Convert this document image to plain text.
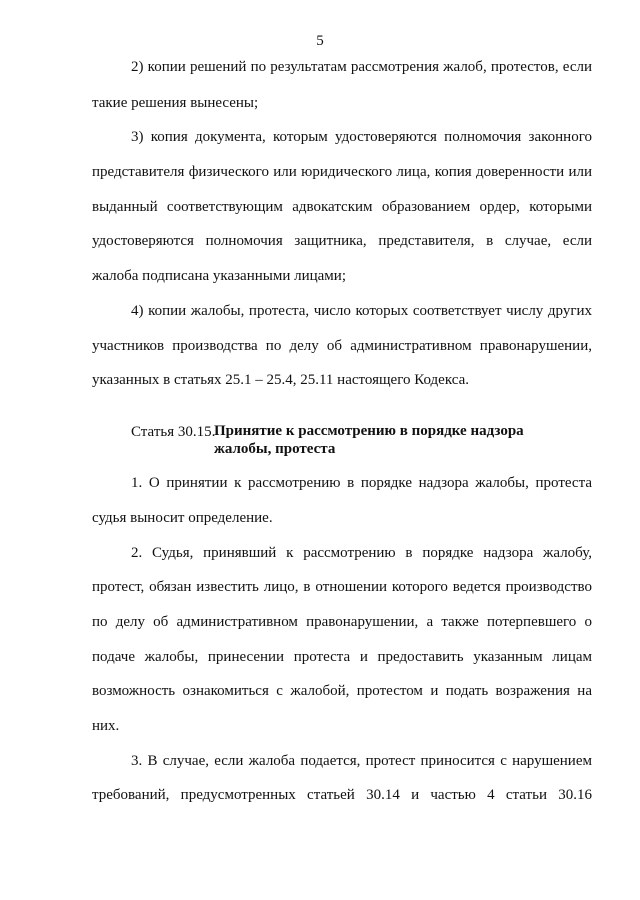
5
2) копии решений по результатам рассмотрения жалоб, протестов, если
такие решения вынесены;
3) копия документа, которым удостоверяются полномочия законного
представителя физического или юридического лица, копия доверенности или
выданный соответствующим адвокатским образованием ордер, которыми
удостоверяются полномочия защитника, представителя, в случае, если
жалоба подписана указанными лицами;
4) копии жалобы, протеста, число которых соответствует числу других
участников производства по делу об административном правонарушении,
указанных в статьях 25.1 – 25.4, 25.11 настоящего Кодекса.
Статья 30.15.
Принятие к рассмотрению в порядке надзора
жалобы, протеста
1. О принятии к рассмотрению в порядке надзора жалобы, протеста
судья выносит определение.
2. Судья, принявший к рассмотрению в порядке надзора жалобу,
протест, обязан известить лицо, в отношении которого ведется производство
по делу об административном правонарушении, а также потерпевшего о
подаче жалобы, принесении протеста и предоставить указанным лицам
возможность ознакомиться с жалобой, протестом и подать возражения на
них.
3. В случае, если жалоба подается, протест приносится с нарушением
требований, предусмотренных статьей 30.14 и частью 4 статьи 30.16
